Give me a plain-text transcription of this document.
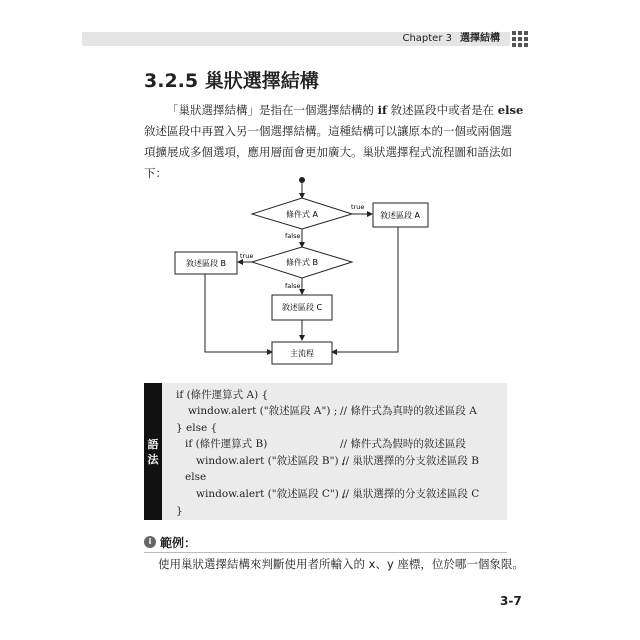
Chapter 3 選擇結構
3.2.5 巢狀選擇結構

「巢狀選擇結構」是指在一個選擇結構的 if 敘述區段中或者是在 else
敘述區段中再置入另一個選擇結構。這種結構可以讓原本的一個或兩個選
項擴展成多個選項，應用層面會更加廣大。巢狀選擇程式流程圖和語法如
下：

條件式 A	敘述區段 A
條件式 B
敘述區段 B
敘述區段 C
主流程
true
false
true
false
語
法
if (條件運算式 A) {
window.alert ("敘述區段 A") ; // 條件式為真時的敘述區段 A
} else {
if (條件運算式 B)	// 條件式為假時的敘述區段
window.alert ("敘述區段 B") ;
// 巢狀選擇的分支敘述區段 B
else
window.alert ("敘述區段 C") ;
// 巢狀選擇的分支敘述區段 C
}
i 範例：
使用巢狀選擇結構來判斷使用者所輸入的 x、y 座標，位於哪一個象限。
3-7
